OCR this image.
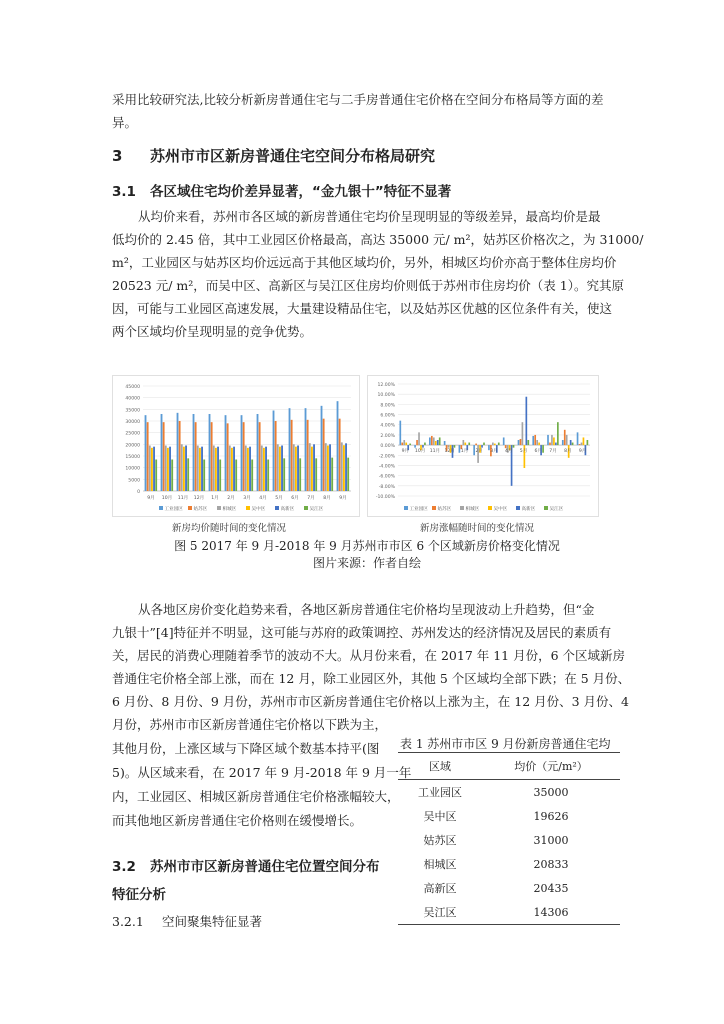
采用比较研究法,比较分析新房普通住宅与二手房普通住宅价格在空间分布格局等方面的差
异。

3 苏州市市区新房普通住宅空间分布格局研究
3.1 各区域住宅均价差异显著，“金九银十”特征不显著

从均价来看，苏州市各区域的新房普通住宅均价呈现明显的等级差异，最高均价是最
低均价的 2.45 倍，其中工业园区价格最高，高达 35000 元/ m²，姑苏区价格次之，为 31000/
m²，工业园区与姑苏区均价远远高于其他区域均价，另外，相城区均价亦高于整体住房均价
20523 元/ m²，而吴中区、高新区与吴江区住房均价则低于苏州市住房均价（表 1）。究其原
因，可能与工业园区高速发展，大量建设精品住宅，以及姑苏区优越的区位条件有关，使这
两个区域均价呈现明显的竞争优势。

0
5000
10000
15000
20000
25000
30000
35000
40000
45000
9月 10月 11月 12月 1月 2月 3月 4月 5月 6月 7月 8月 9月
工业园区 姑苏区	相城区	吴中区	高新区	吴江区
-10.00%
-8.00%
-6.00%
-4.00%
-2.00%
0.00%
2.00%
4.00%
6.00%
8.00%
10.00%
12.00%
9月 10月 11月 12月 1月 2月 3月 4月 5月 6月 7月 8月 9月
工业园区 姑苏区	相城区	吴中区	高新区	吴江区
新房均价随时间的变化情况	新房涨幅随时间的变化情况

图 5 2017 年 9 月-2018 年 9 月苏州市市区 6 个区域新房价格变化情况

图片来源：作者自绘

从各地区房价变化趋势来看，各地区新房普通住宅价格均呈现波动上升趋势，但“金
九银十”[4]特征并不明显，这可能与苏府的政策调控、苏州发达的经济情况及居民的素质有
关，居民的消费心理随着季节的波动不大。从月份来看，在 2017 年 11 月份，6 个区域新房
普通住宅价格全部上涨，而在 12 月，除工业园区外，其他 5 个区域均全部下跌；在 5 月份、
6 月份、8 月份、9 月份，苏州市市区新房普通住宅价格以上涨为主，在 12 月份、3 月份、4

月份，苏州市市区新房普通住宅价格以下跌为主，
其他月份，上涨区域与下降区域个数基本持平(图
5)。从区域来看，在 2017 年 9 月-2018 年 9 月一年
内，工业园区、相城区新房普通住宅价格涨幅较大，
而其他地区新房普通住宅价格则在缓慢增长。

3.2 苏州市市区新房普通住宅位置空间分布
特征分析
3.2.1 空间聚集特征显著
表 1 苏州市市区 9 月份新房普通住宅均
区域	均价（元/m²）
工业园区	35000
吴中区	19626
姑苏区	31000
相城区	20833
高新区	20435
吴江区	14306
